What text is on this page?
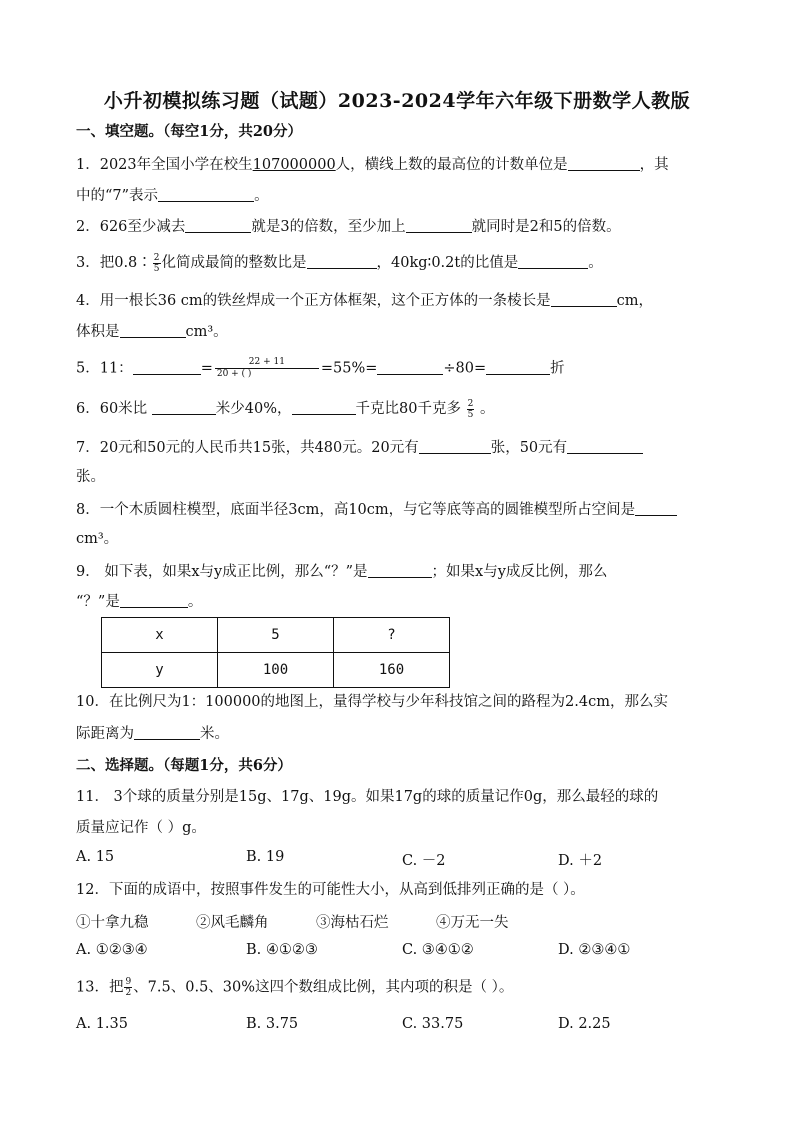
小升初模拟练习题（试题）2023-2024学年六年级下册数学人教版
一、填空题。（每空1分，共20分）
1．2023年全国小学在校生107000000人，横线上数的最高位的计数单位是	，其
中的“7”表示	。
2．626至少减去	就是3的倍数，至少加上	就同时是2和5的倍数。
3．把0.8∶ $\frac{2}{5}$ 化简成最简的整数比是	，40kg∶0.2t的比值是	。
4．用一根长36 cm的铁丝焊成一个正方体框架，这个正方体的一条棱长是	cm，
体积是	cm³。
5．11：	= $\frac{22 + 11}{20 + ( )} =55\%=$	÷80=	折
6．60米比	米少40%，	千克比80千克多 $\frac{2}{5}$ 。
7．20元和50元的人民币共15张，共480元。20元有	张，50元有
张。
8．一个木质圆柱模型，底面半径3cm，高10cm，与它等底等高的圆锥模型所占空间是
cm³。
9． 如下表，如果x与y成正比例，那么“？”是	；如果x与y成反比例，那么
“？”是	。
x	5	?
y	100	160
10．在比例尺为1：100000的地图上，量得学校与少年科技馆之间的路程为2.4cm，那么实
际距离为	米。
二、选择题。（每题1分，共6分）
11． 3个球的质量分别是15g、17g、19g。如果17g的球的质量记作0g，那么最轻的球的
质量应记作（ ）g。
A. 15	B. 19	C. －2	D. ＋2
12．下面的成语中，按照事件发生的可能性大小，从高到低排列正确的是（ ）。
①十拿九稳	②风毛麟角	③海枯石烂	④万无一失
A. ①②③④	B. ④①②③	C. ③④①②	D. ②③④①
13．把 $\frac{9}{2}$ 、7.5、0.5、30%这四个数组成比例，其内项的积是（ ）。
A. 1.35	B. 3.75	C. 33.75	D. 2.25
